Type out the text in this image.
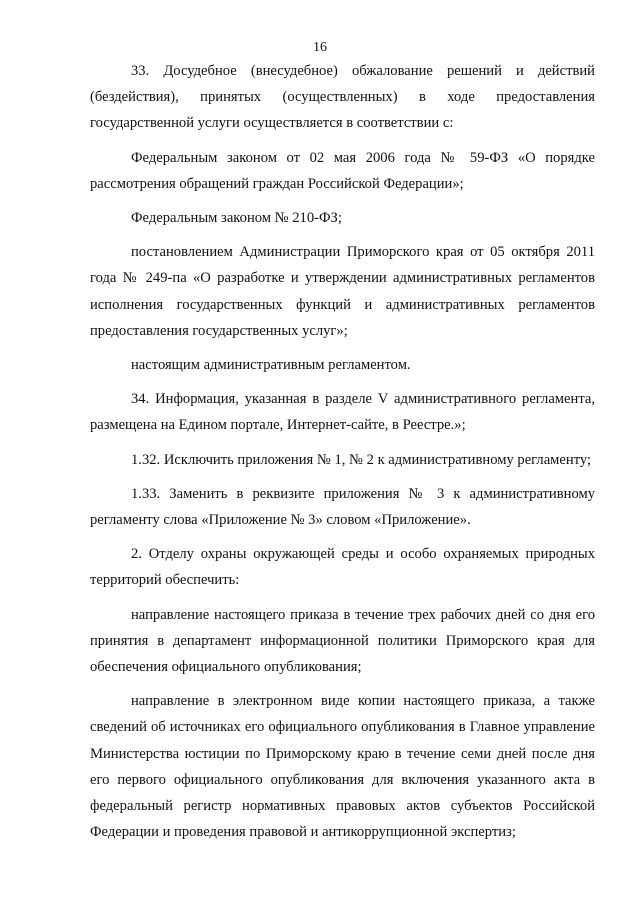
16

33. Досудебное (внесудебное) обжалование решений и действий (бездействия), принятых (осуществленных) в ходе предоставления государственной услуги осуществляется в соответствии с:

Федеральным законом от 02 мая 2006 года № 59-ФЗ «О порядке рассмотрения обращений граждан Российской Федерации»;

Федеральным законом № 210-ФЗ;

постановлением Администрации Приморского края от 05 октября 2011 года № 249-па «О разработке и утверждении административных регламентов исполнения государственных функций и административных регламентов предоставления государственных услуг»;

настоящим административным регламентом.

34. Информация, указанная в разделе V административного регламента, размещена на Едином портале, Интернет-сайте, в Реестре.»;

1.32. Исключить приложения № 1, № 2 к административному регламенту;

1.33. Заменить в реквизите приложения № 3 к административному регламенту слова «Приложение № 3» словом «Приложение».

2. Отделу охраны окружающей среды и особо охраняемых природных территорий обеспечить:

направление настоящего приказа в течение трех рабочих дней со дня его принятия в департамент информационной политики Приморского края для обеспечения официального опубликования;

направление в электронном виде копии настоящего приказа, а также сведений об источниках его официального опубликования в Главное управление Министерства юстиции по Приморскому краю в течение семи дней после дня его первого официального опубликования для включения указанного акта в федеральный регистр нормативных правовых актов субъектов Российской Федерации и проведения правовой и антикоррупционной экспертиз;
